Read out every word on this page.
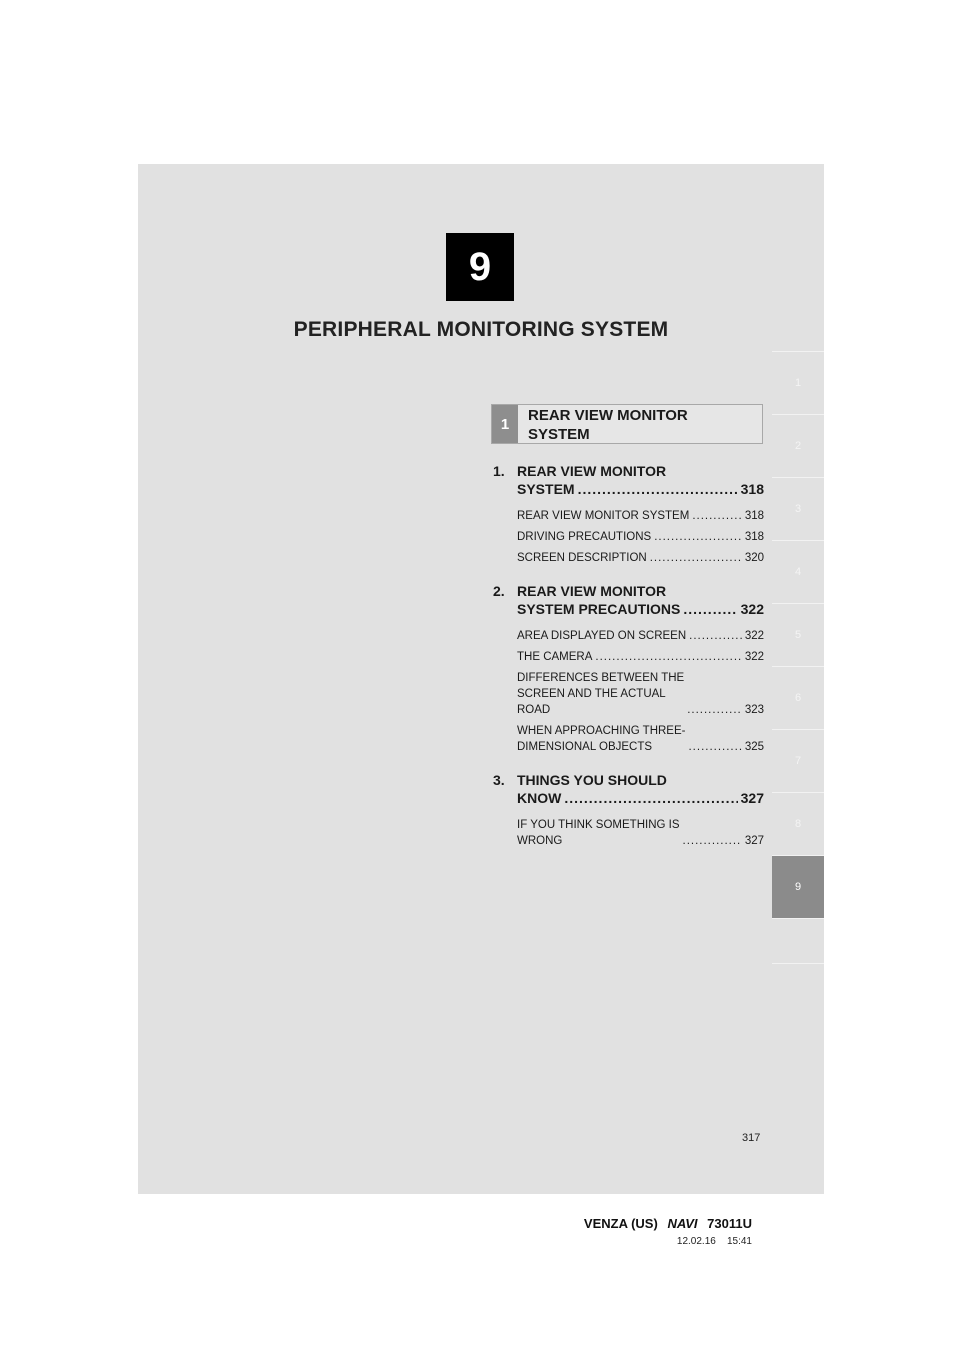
9
PERIPHERAL MONITORING SYSTEM
1
2
3
4
5
6
7
8
9
1	REAR VIEW MONITOR
SYSTEM
1. REAR VIEW MONITOR
SYSTEM .....	318
REAR VIEW MONITOR SYSTEM .....	318
DRIVING PRECAUTIONS .....	318
SCREEN DESCRIPTION .....	320
2. REAR VIEW MONITOR
SYSTEM PRECAUTIONS .....	322
AREA DISPLAYED ON SCREEN .....	322
THE CAMERA .....	322
DIFFERENCES BETWEEN THE
SCREEN AND THE ACTUAL
ROAD .....	323
WHEN APPROACHING THREE-
DIMENSIONAL OBJECTS .....	325
3. THINGS YOU SHOULD
KNOW .....	327
IF YOU THINK SOMETHING IS
WRONG .....	327
317
VENZA (US) NAVI 73011U
12.02.16 15:41
